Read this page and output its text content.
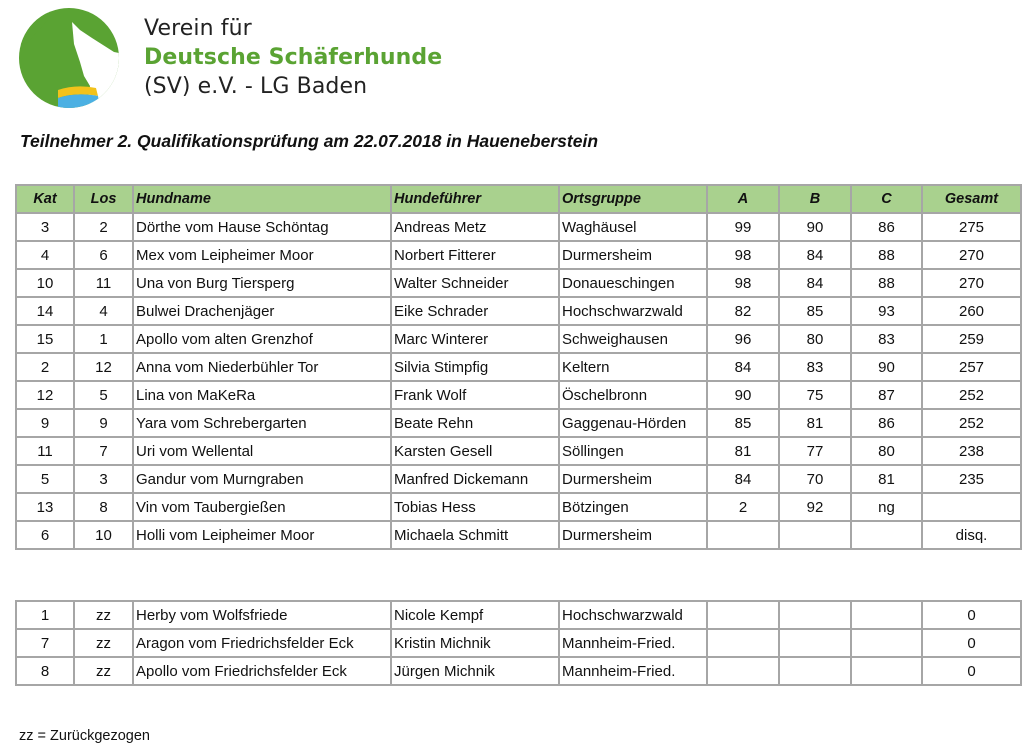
Verein für
Deutsche Schäferhunde
(SV) e.V. - LG Baden
Teilnehmer 2. Qualifikationsprüfung am 22.07.2018 in Haueneberstein
Kat	Los	Hundname	Hundeführer	Ortsgruppe	A	B	C	Gesamt
3	2	Dörthe vom Hause Schöntag	Andreas Metz	Waghäusel	99	90	86	275
4	6	Mex vom Leipheimer Moor	Norbert Fitterer	Durmersheim	98	84	88	270
10	11	Una von Burg Tiersperg	Walter Schneider	Donaueschingen	98	84	88	270
14	4	Bulwei Drachenjäger	Eike Schrader	Hochschwarzwald	82	85	93	260
15	1	Apollo vom alten Grenzhof	Marc Winterer	Schweighausen	96	80	83	259
2	12	Anna vom Niederbühler Tor	Silvia Stimpfig	Keltern	84	83	90	257
12	5	Lina von MaKeRa	Frank Wolf	Öschelbronn	90	75	87	252
9	9	Yara vom Schrebergarten	Beate Rehn	Gaggenau-Hörden	85	81	86	252
11	7	Uri vom Wellental	Karsten Gesell	Söllingen	81	77	80	238
5	3	Gandur vom Murngraben	Manfred Dickemann	Durmersheim	84	70	81	235
13	8	Vin vom Taubergießen	Tobias Hess	Bötzingen	2	92	ng	
6	10	Holli vom Leipheimer Moor	Michaela Schmitt	Durmersheim				disq.
1	zz	Herby vom Wolfsfriede	Nicole Kempf	Hochschwarzwald				0
7	zz	Aragon vom Friedrichsfelder Eck	Kristin Michnik	Mannheim-Fried.				0
8	zz	Apollo vom Friedrichsfelder Eck	Jürgen Michnik	Mannheim-Fried.				0
zz = Zurückgezogen
